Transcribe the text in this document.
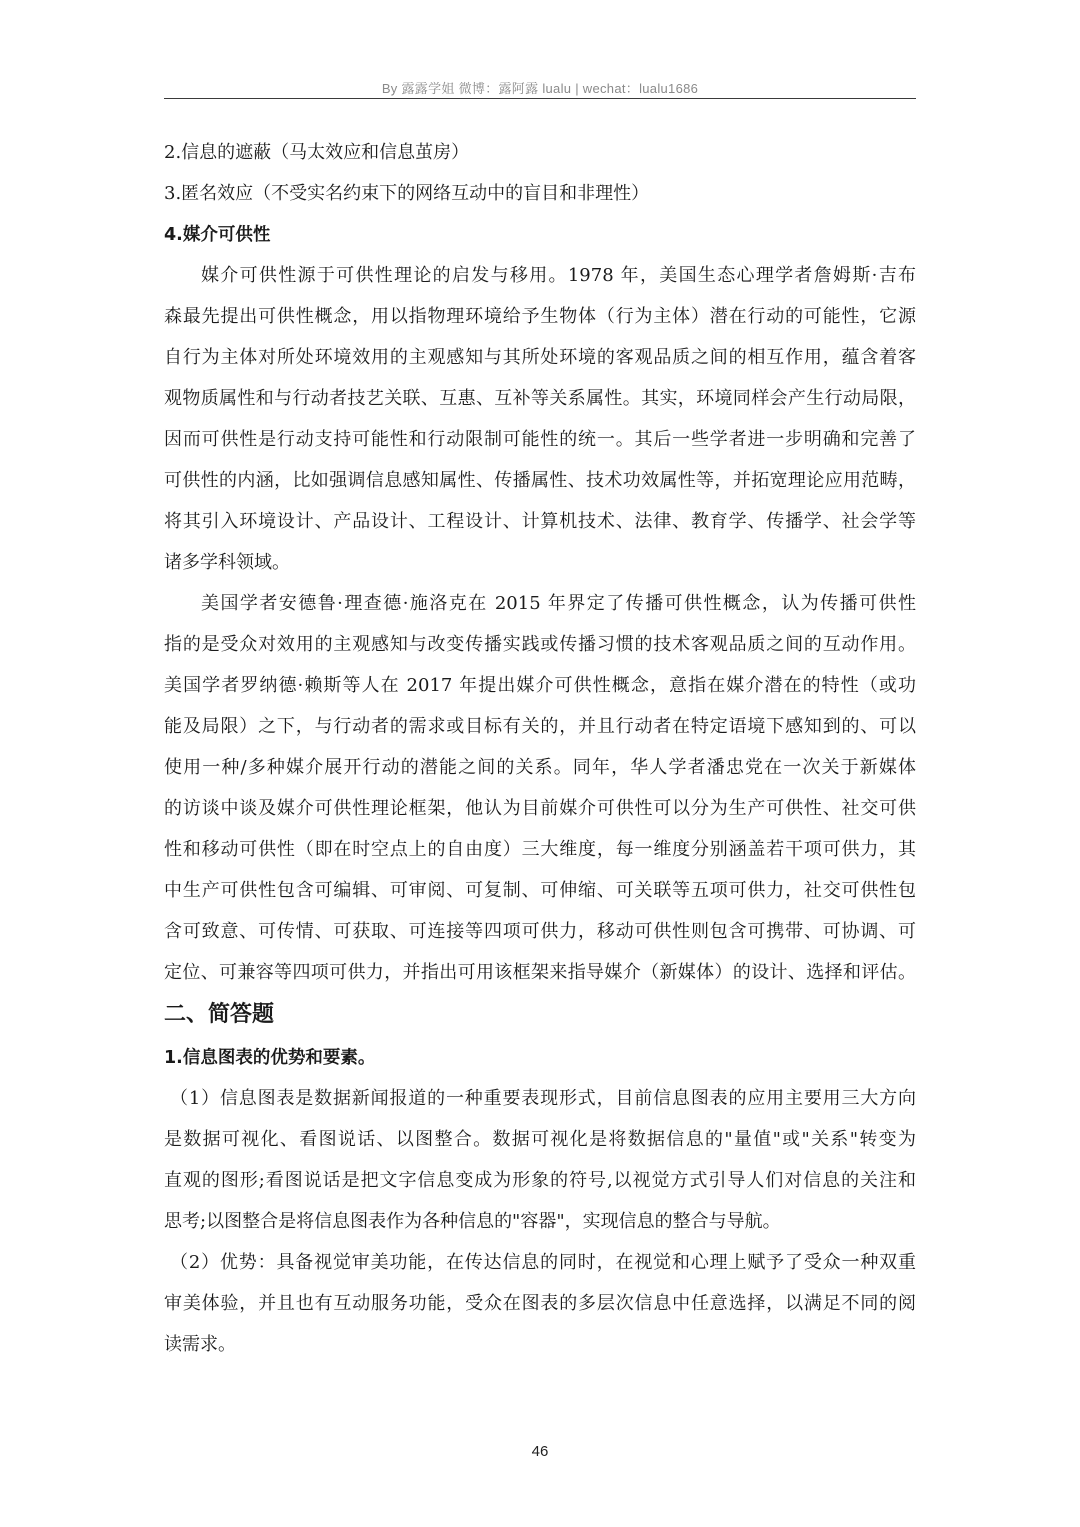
By 露露学姐 微博：露阿露 lualu | wechat：lualu1686
2.信息的遮蔽（马太效应和信息茧房）
3.匿名效应（不受实名约束下的网络互动中的盲目和非理性）
4.媒介可供性
媒介可供性源于可供性理论的启发与移用。1978 年，美国生态心理学者詹姆斯·吉布
森最先提出可供性概念，用以指物理环境给予生物体（行为主体）潜在行动的可能性，它源
自行为主体对所处环境效用的主观感知与其所处环境的客观品质之间的相互作用，蕴含着客
观物质属性和与行动者技艺关联、互惠、互补等关系属性。其实，环境同样会产生行动局限，
因而可供性是行动支持可能性和行动限制可能性的统一。其后一些学者进一步明确和完善了
可供性的内涵，比如强调信息感知属性、传播属性、技术功效属性等，并拓宽理论应用范畴，
将其引入环境设计、产品设计、工程设计、计算机技术、法律、教育学、传播学、社会学等
诸多学科领域。
美国学者安德鲁·理查德·施洛克在 2015 年界定了传播可供性概念，认为传播可供性
指的是受众对效用的主观感知与改变传播实践或传播习惯的技术客观品质之间的互动作用。
美国学者罗纳德·赖斯等人在 2017 年提出媒介可供性概念，意指在媒介潜在的特性（或功
能及局限）之下，与行动者的需求或目标有关的，并且行动者在特定语境下感知到的、可以
使用一种/多种媒介展开行动的潜能之间的关系。同年，华人学者潘忠党在一次关于新媒体
的访谈中谈及媒介可供性理论框架，他认为目前媒介可供性可以分为生产可供性、社交可供
性和移动可供性（即在时空点上的自由度）三大维度，每一维度分别涵盖若干项可供力，其
中生产可供性包含可编辑、可审阅、可复制、可伸缩、可关联等五项可供力，社交可供性包
含可致意、可传情、可获取、可连接等四项可供力，移动可供性则包含可携带、可协调、可
定位、可兼容等四项可供力，并指出可用该框架来指导媒介（新媒体）的设计、选择和评估。
二、简答题
1.信息图表的优势和要素。
（1）信息图表是数据新闻报道的一种重要表现形式，目前信息图表的应用主要用三大方向
是数据可视化、看图说话、以图整合。数据可视化是将数据信息的"量值"或"关系"转变为
直观的图形;看图说话是把文字信息变成为形象的符号,以视觉方式引导人们对信息的关注和
思考;以图整合是将信息图表作为各种信息的"容器"，实现信息的整合与导航。
（2）优势：具备视觉审美功能，在传达信息的同时，在视觉和心理上赋予了受众一种双重
审美体验，并且也有互动服务功能，受众在图表的多层次信息中任意选择，以满足不同的阅
读需求。
46
